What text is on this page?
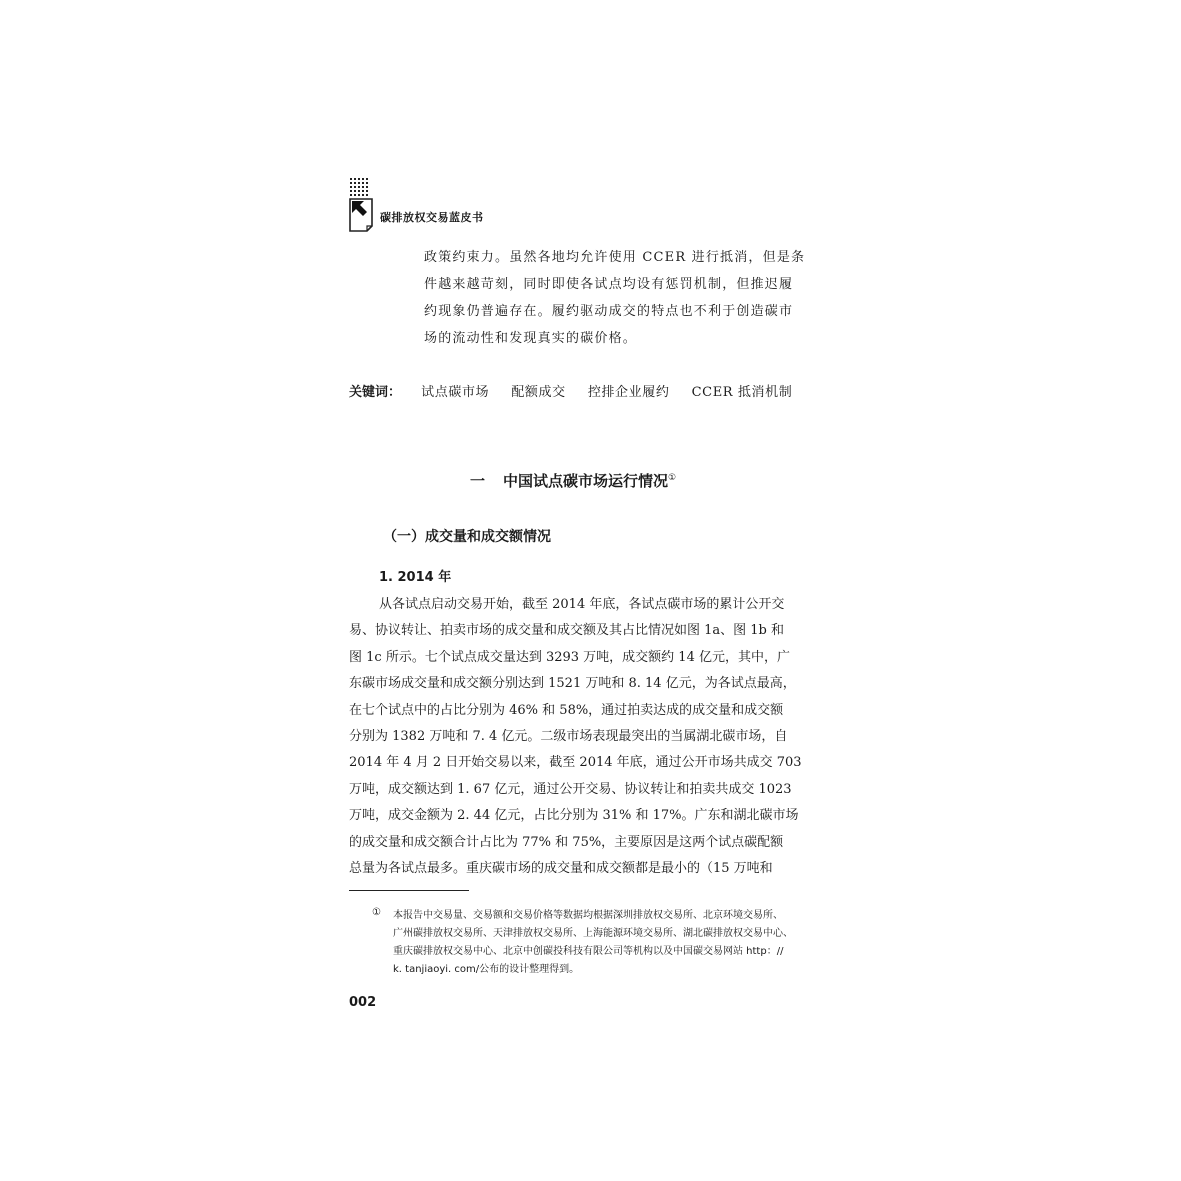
碳排放权交易蓝皮书
政策约束力。虽然各地均允许使用 CCER 进行抵消，但是条
件越来越苛刻，同时即使各试点均设有惩罚机制，但推迟履
约现象仍普遍存在。履约驱动成交的特点也不利于创造碳市
场的流动性和发现真实的碳价格。
关键词： 试点碳市场 配额成交 控排企业履约 CCER 抵消机制
一 中国试点碳市场运行情况①
（一）成交量和成交额情况
1. 2014 年
从各试点启动交易开始，截至 2014 年底，各试点碳市场的累计公开交
易、协议转让、拍卖市场的成交量和成交额及其占比情况如图 1a、图 1b 和
图 1c 所示。七个试点成交量达到 3293 万吨，成交额约 14 亿元，其中，广
东碳市场成交量和成交额分别达到 1521 万吨和 8. 14 亿元，为各试点最高，
在七个试点中的占比分别为 46% 和 58%，通过拍卖达成的成交量和成交额
分别为 1382 万吨和 7. 4 亿元。二级市场表现最突出的当属湖北碳市场，自
2014 年 4 月 2 日开始交易以来，截至 2014 年底，通过公开市场共成交 703
万吨，成交额达到 1. 67 亿元，通过公开交易、协议转让和拍卖共成交 1023
万吨，成交金额为 2. 44 亿元，占比分别为 31% 和 17%。广东和湖北碳市场
的成交量和成交额合计占比为 77% 和 75%，主要原因是这两个试点碳配额
总量为各试点最多。重庆碳市场的成交量和成交额都是最小的（15 万吨和
① 本报告中交易量、交易额和交易价格等数据均根据深圳排放权交易所、北京环境交易所、
广州碳排放权交易所、天津排放权交易所、上海能源环境交易所、湖北碳排放权交易中心、
重庆碳排放权交易中心、北京中创碳投科技有限公司等机构以及中国碳交易网站 http：//
k. tanjiaoyi. com/公布的设计整理得到。
002
